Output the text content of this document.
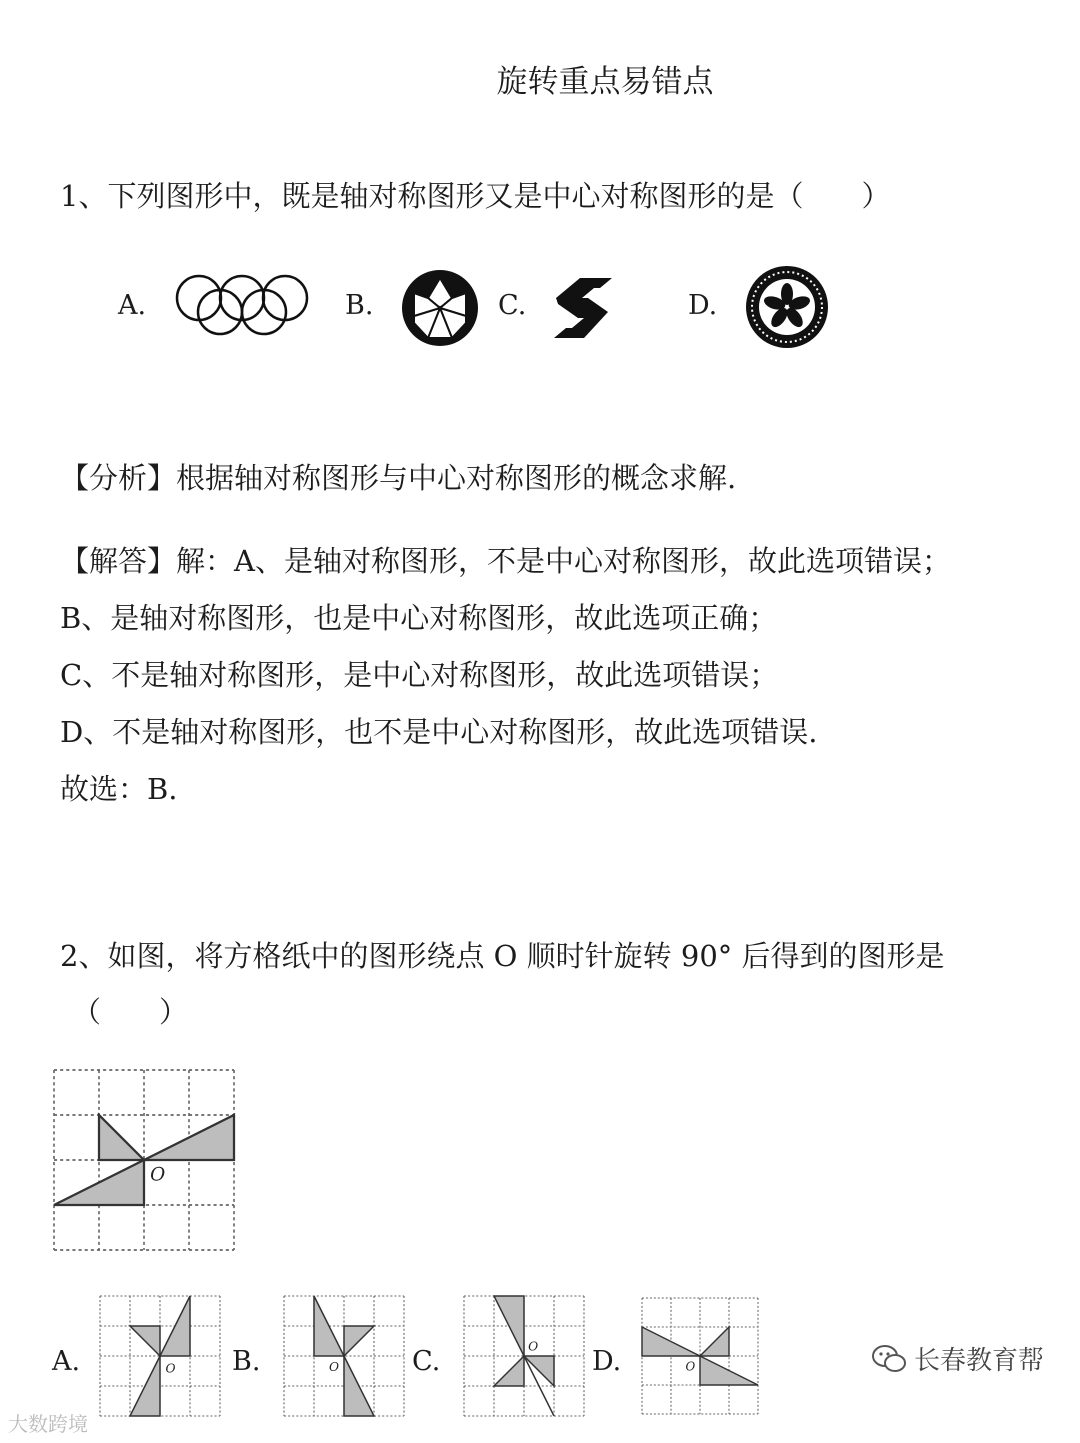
旋转重点易错点
1、下列图形中，既是轴对称图形又是中心对称图形的是（　　）
A.	B.	C.	D.
【分析】根据轴对称图形与中心对称图形的概念求解.
【解答】解：A、是轴对称图形，不是中心对称图形，故此选项错误；
B、是轴对称图形，也是中心对称图形，故此选项正确；
C、不是轴对称图形，是中心对称图形，故此选项错误；
D、不是轴对称图形，也不是中心对称图形，故此选项错误.
故选：B.
2、如图，将方格纸中的图形绕点 O 顺时针旋转 90° 后得到的图形是
（　　）
O
A.	O B.	O	C.	O D.	O	长春教育帮
大数跨境
